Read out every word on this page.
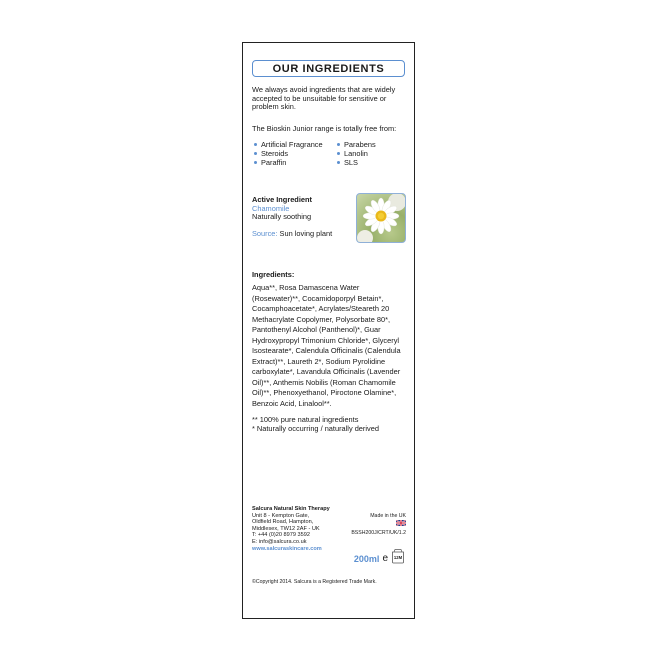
OUR INGREDIENTS

We always avoid ingredients that are widely accepted to be unsuitable for sensitive or problem skin.

The Bioskin Junior range is totally free from:

Artificial Fragrance
Steroids
Paraffin
Parabens
Lanolin
SLS

Active Ingredient

Chamomile

Naturally soothing

Source: Sun loving plant

Ingredients:

Aqua**, Rosa Damascena Water (Rosewater)**, Cocamidoporpyl Betain*, Cocamphoacetate*, Acrylates/Steareth 20 Methacrylate Copolymer, Polysorbate 80*, Pantothenyl Alcohol (Panthenol)*, Guar Hydroxypropyl Trimonium Chloride*, Glyceryl Isostearate*, Calendula Officinalis (Calendula Extract)**, Laureth 2*, Sodium Pyrolidine carboxylate*, Lavandula Officinalis (Lavender Oil)**, Anthemis Nobilis (Roman Chamomile Oil)**, Phenoxyethanol, Piroctone Olamine*, Benzoic Acid, Linalool**.

** 100% pure natural ingredients

* Naturally occurring / naturally derived

Salcura Natural Skin Therapy

Unit 8 - Kempton Gate,

Oldfield Road, Hampton,

Middlesex, TW12 2AF - UK

T: +44 (0)20 8979 3592

E: info@salcura.co.uk

www.salcuraskincare.com

Made in the UK

BSSH200J/CRT/UK/1.2

200ml e	12M

©Copyright 2014. Salcura is a Registered Trade Mark.
